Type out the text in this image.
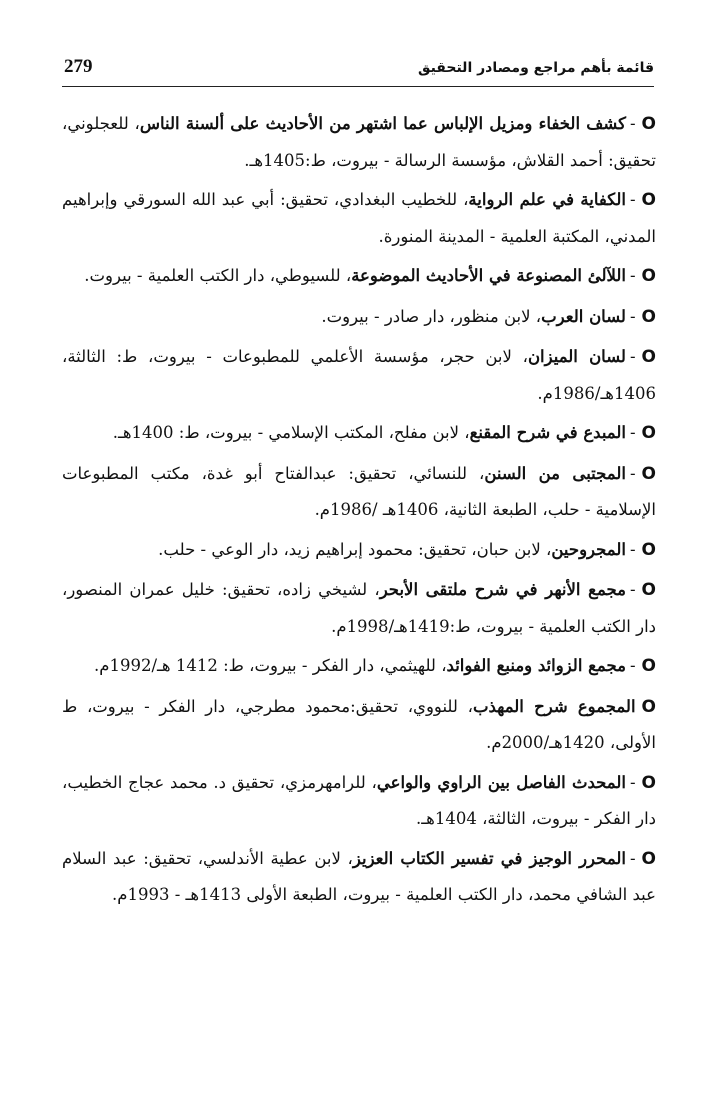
279	قائمة بأهم مراجع ومصادر التحقيق

O-كشف الخفاء ومزيل الإلباس عما اشتهر من الأحاديث على ألسنة الناس، للعجلوني، تحقيق: أحمد القلاش، مؤسسة الرسالة - بيروت، ط:1405هـ.

O-الكفاية في علم الرواية، للخطيب البغدادي، تحقيق: أبي عبد الله السورقي وإبراهيم المدني، المكتبة العلمية - المدينة المنورة.

O-اللآلئ المصنوعة في الأحاديث الموضوعة، للسيوطي، دار الكتب العلمية - بيروت.

O-لسان العرب، لابن منظور، دار صادر - بيروت.

O-لسان الميزان، لابن حجر، مؤسسة الأعلمي للمطبوعات - بيروت، ط: الثالثة، 1406هـ/1986م.

O-المبدع في شرح المقنع، لابن مفلح، المكتب الإسلامي - بيروت، ط: 1400هـ.

O-المجتبى من السنن، للنسائي، تحقيق: عبدالفتاح أبو غدة، مكتب المطبوعات الإسلامية - حلب، الطبعة الثانية، 1406هـ /1986م.

O-المجروحين، لابن حبان، تحقيق: محمود إبراهيم زيد، دار الوعي - حلب.

O-مجمع الأنهر في شرح ملتقى الأبحر، لشيخي زاده، تحقيق: خليل عمران المنصور، دار الكتب العلمية - بيروت، ط:1419هـ/1998م.

O-مجمع الزوائد ومنبع الفوائد، للهيثمي، دار الفكر - بيروت، ط: 1412 هـ/1992م.

Oالمجموع شرح المهذب، للنووي، تحقيق:محمود مطرجي، دار الفكر - بيروت، ط الأولى، 1420هـ/2000م.

O-المحدث الفاصل بين الراوي والواعي، للرامهرمزي، تحقيق د. محمد عجاج الخطيب، دار الفكر - بيروت، الثالثة، 1404هـ.

O-المحرر الوجيز في تفسير الكتاب العزيز، لابن عطية الأندلسي، تحقيق: عبد السلام عبد الشافي محمد، دار الكتب العلمية - بيروت، الطبعة الأولى 1413هـ - 1993م.
